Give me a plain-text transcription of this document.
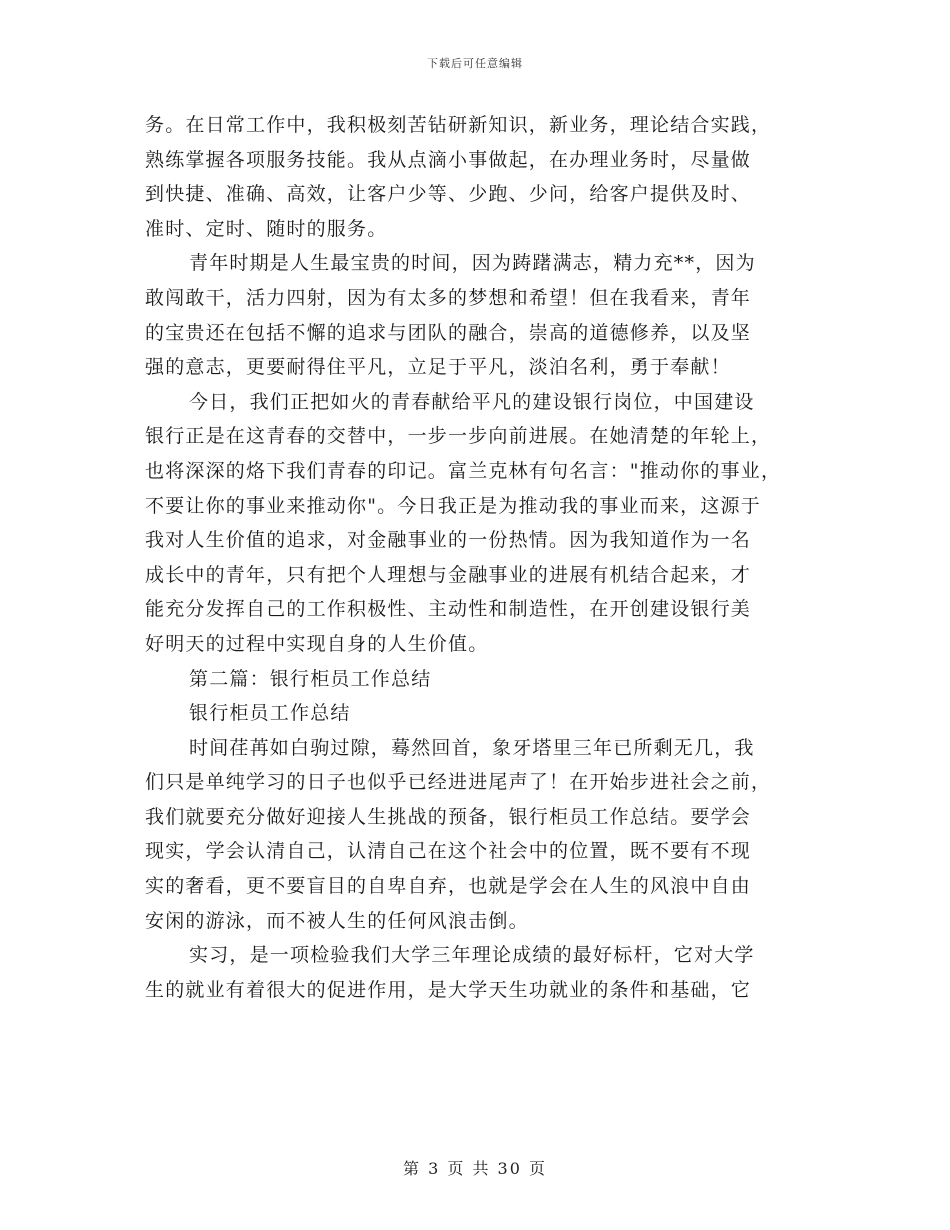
下载后可任意编辑
务。在日常工作中，我积极刻苦钻研新知识，新业务，理论结合实践，
熟练掌握各项服务技能。我从点滴小事做起，在办理业务时，尽量做
到快捷、准确、高效，让客户少等、少跑、少问，给客户提供及时、
准时、定时、随时的服务。
青年时期是人生最宝贵的时间，因为踌躇满志，精力充**，因为
敢闯敢干，活力四射，因为有太多的梦想和希望！但在我看来，青年
的宝贵还在包括不懈的追求与团队的融合，崇高的道德修养，以及坚
强的意志，更要耐得住平凡，立足于平凡，淡泊名利，勇于奉献！
今日，我们正把如火的青春献给平凡的建设银行岗位，中国建设
银行正是在这青春的交替中，一步一步向前进展。在她清楚的年轮上，
也将深深的烙下我们青春的印记。富兰克林有句名言："推动你的事业，
不要让你的事业来推动你"。今日我正是为推动我的事业而来，这源于
我对人生价值的追求，对金融事业的一份热情。因为我知道作为一名
成长中的青年，只有把个人理想与金融事业的进展有机结合起来，才
能充分发挥自己的工作积极性、主动性和制造性，在开创建设银行美
好明天的过程中实现自身的人生价值。
第二篇：银行柜员工作总结
银行柜员工作总结
时间荏苒如白驹过隙，蓦然回首，象牙塔里三年已所剩无几，我
们只是单纯学习的日子也似乎已经进进尾声了！在开始步进社会之前，
我们就要充分做好迎接人生挑战的预备，银行柜员工作总结。要学会
现实，学会认清自己，认清自己在这个社会中的位置，既不要有不现
实的奢看，更不要盲目的自卑自弃，也就是学会在人生的风浪中自由
安闲的游泳，而不被人生的任何风浪击倒。
实习，是一项检验我们大学三年理论成绩的最好标杆，它对大学
生的就业有着很大的促进作用，是大学天生功就业的条件和基础，它
第 3 页 共 30 页
